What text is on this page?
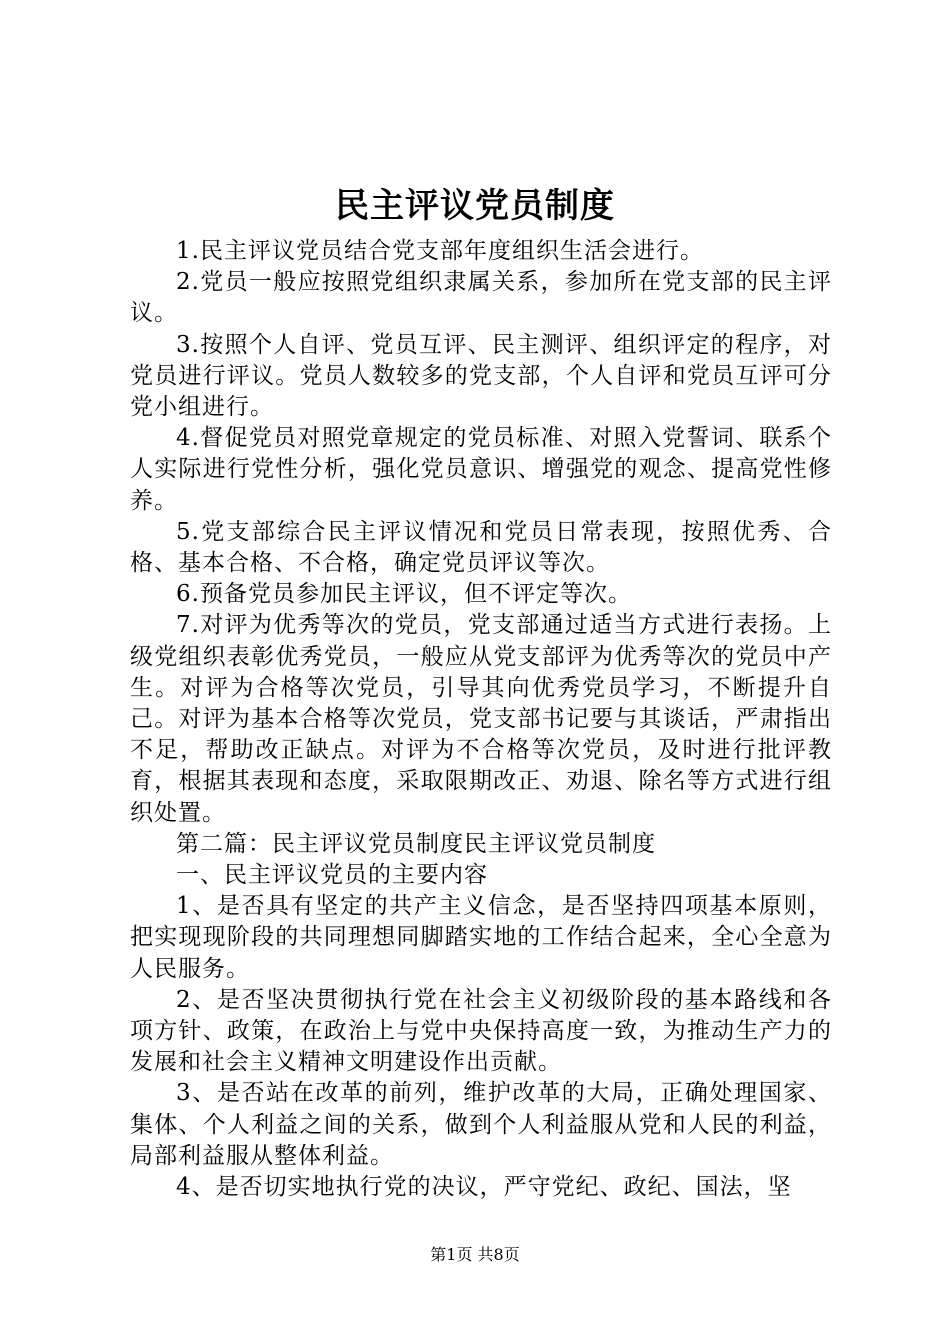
民主评议党员制度

1.民主评议党员结合党支部年度组织生活会进行。

2.党员一般应按照党组织隶属关系，参加所在党支部的民主评议。

3.按照个人自评、党员互评、民主测评、组织评定的程序，对党员进行评议。党员人数较多的党支部，个人自评和党员互评可分党小组进行。

4.督促党员对照党章规定的党员标准、对照入党誓词、联系个人实际进行党性分析，强化党员意识、增强党的观念、提高党性修养。

5.党支部综合民主评议情况和党员日常表现，按照优秀、合格、基本合格、不合格，确定党员评议等次。

6.预备党员参加民主评议，但不评定等次。

7.对评为优秀等次的党员，党支部通过适当方式进行表扬。上级党组织表彰优秀党员，一般应从党支部评为优秀等次的党员中产生。对评为合格等次党员，引导其向优秀党员学习，不断提升自己。对评为基本合格等次党员，党支部书记要与其谈话，严肃指出不足，帮助改正缺点。对评为不合格等次党员，及时进行批评教育，根据其表现和态度，采取限期改正、劝退、除名等方式进行组织处置。

第二篇：民主评议党员制度民主评议党员制度

一、民主评议党员的主要内容

1、是否具有坚定的共产主义信念，是否坚持四项基本原则，把实现现阶段的共同理想同脚踏实地的工作结合起来，全心全意为人民服务。

2、是否坚决贯彻执行党在社会主义初级阶段的基本路线和各项方针、政策，在政治上与党中央保持高度一致，为推动生产力的发展和社会主义精神文明建设作出贡献。

3、是否站在改革的前列，维护改革的大局，正确处理国家、集体、个人利益之间的关系，做到个人利益服从党和人民的利益，局部利益服从整体利益。

4、是否切实地执行党的决议，严守党纪、政纪、国法，坚

第1页 共8页
